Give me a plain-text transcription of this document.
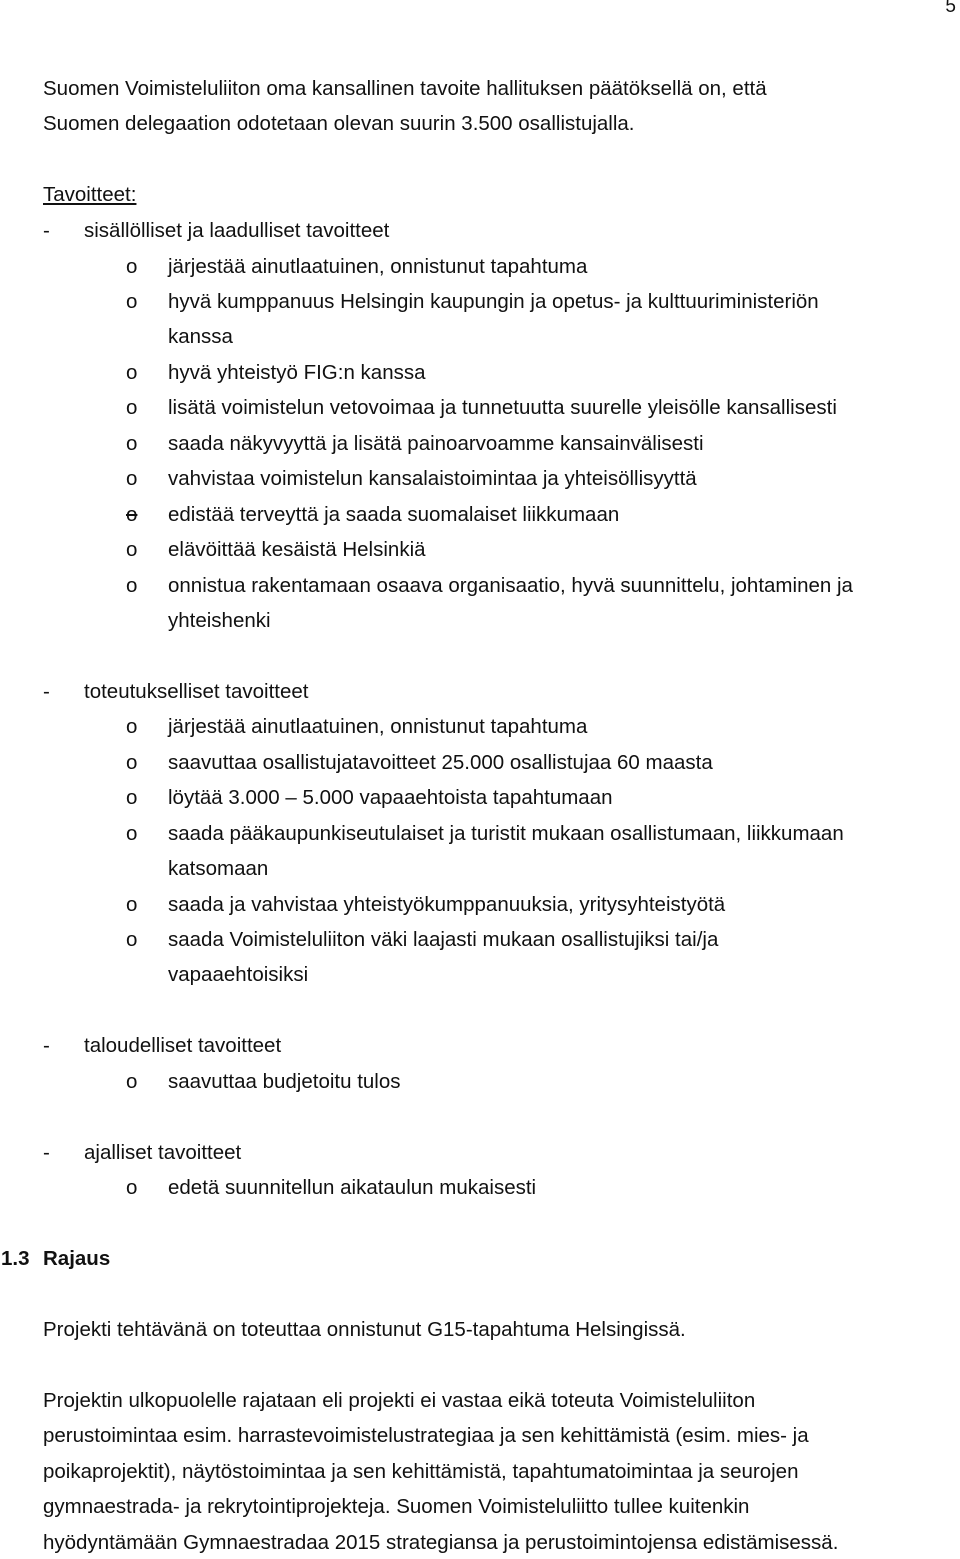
5
Suomen Voimisteluliiton oma kansallinen tavoite hallituksen päätöksellä on, että
Suomen delegaation odotetaan olevan suurin 3.500 osallistujalla.
Tavoitteet:
- sisällölliset ja laadulliset tavoitteet
o järjestää ainutlaatuinen, onnistunut tapahtuma
o hyvä kumppanuus Helsingin kaupungin ja opetus- ja kulttuuriministeriön
kanssa
o hyvä yhteistyö FIG:n kanssa
o lisätä voimistelun vetovoimaa ja tunnetuutta suurelle yleisölle kansallisesti
o saada näkyvyyttä ja lisätä painoarvoamme kansainvälisesti
o vahvistaa voimistelun kansalaistoimintaa ja yhteisöllisyyttä
o edistää terveyttä ja saada suomalaiset liikkumaan
o elävöittää kesäistä Helsinkiä
o onnistua rakentamaan osaava organisaatio, hyvä suunnittelu, johtaminen ja
yhteishenki
- toteutukselliset tavoitteet
o järjestää ainutlaatuinen, onnistunut tapahtuma
o saavuttaa osallistujatavoitteet 25.000 osallistujaa 60 maasta
o löytää 3.000 – 5.000 vapaaehtoista tapahtumaan
o saada pääkaupunkiseutulaiset ja turistit mukaan osallistumaan, liikkumaan
katsomaan
o saada ja vahvistaa yhteistyökumppanuuksia, yritysyhteistyötä
o saada Voimisteluliiton väki laajasti mukaan osallistujiksi tai/ja
vapaaehtoisiksi
- taloudelliset tavoitteet
o saavuttaa budjetoitu tulos
- ajalliset tavoitteet
o edetä suunnitellun aikataulun mukaisesti
1.3 Rajaus
Projekti tehtävänä on toteuttaa onnistunut G15-tapahtuma Helsingissä.
Projektin ulkopuolelle rajataan eli projekti ei vastaa eikä toteuta Voimisteluliiton
perustoimintaa esim. harrastevoimistelustrategiaa ja sen kehittämistä (esim. mies- ja
poikaprojektit), näytöstoimintaa ja sen kehittämistä, tapahtumatoimintaa ja seurojen
gymnaestrada- ja rekrytointiprojekteja. Suomen Voimisteluliitto tullee kuitenkin
hyödyntämään Gymnaestradaa 2015 strategiansa ja perustoimintojensa edistämisessä.
